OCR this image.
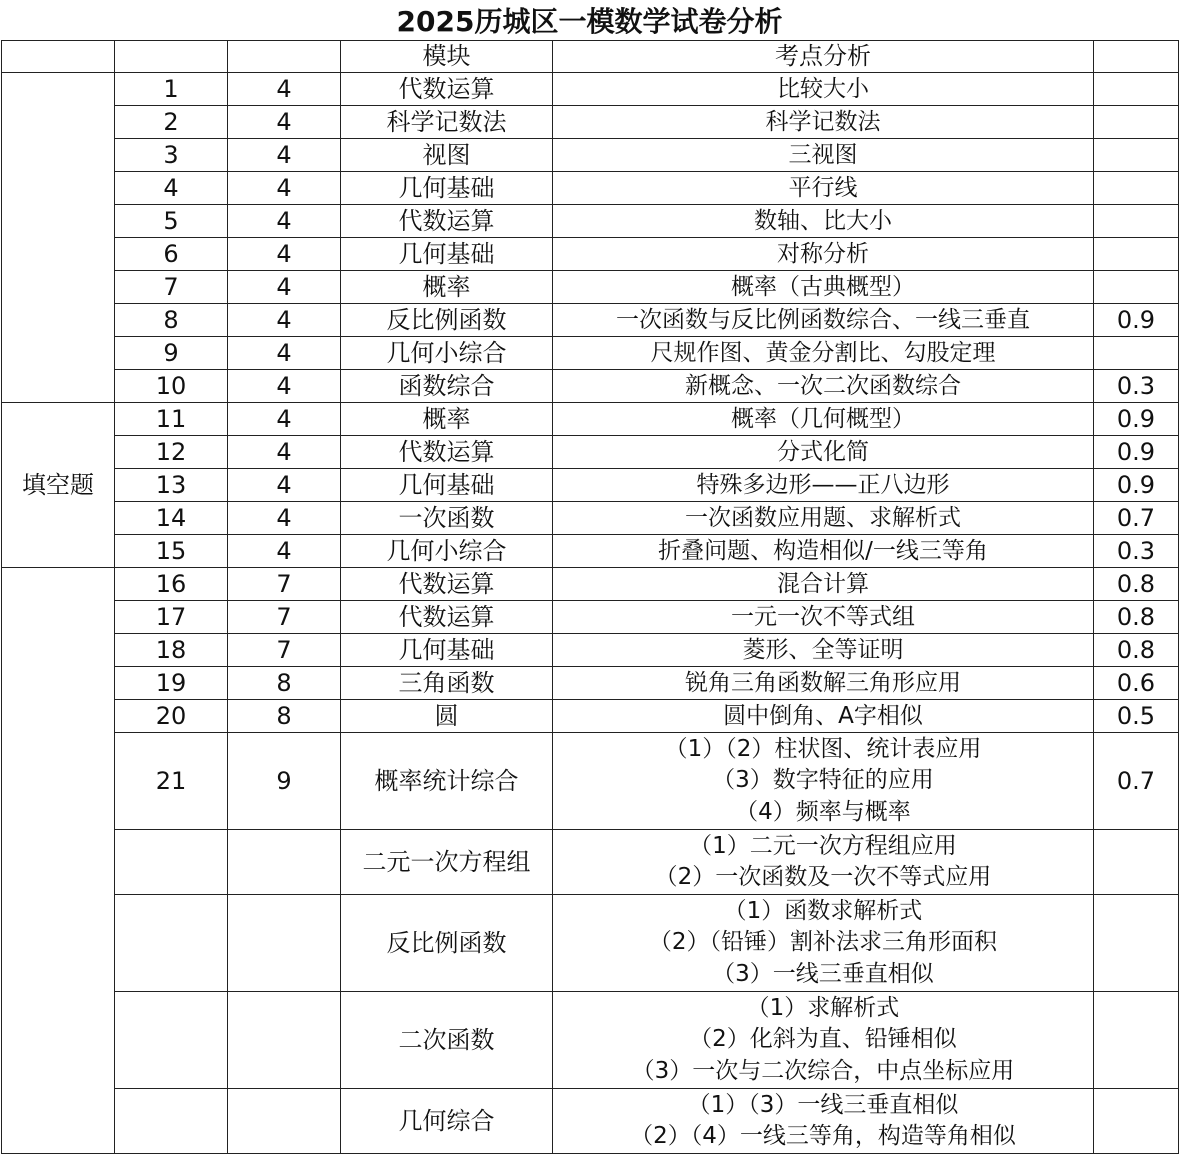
2025历城区一模数学试卷分析
			模块	考点分析	
	1	4	代数运算	比较大小	

	2	4	科学记数法	科学记数法	

	3	4	视图	三视图	

	4	4	几何基础	平行线	

	5	4	代数运算	数轴、比大小	

	6	4	几何基础	对称分析	

	7	4	概率	概率（古典概型）	

	8	4	反比例函数	一次函数与反比例函数综合、一线三垂直	0.9
	9	4	几何小综合	尺规作图、黄金分割比、勾股定理	

	10	4	函数综合	新概念、一次二次函数综合	0.3
填空题	11	4	概率	概率（几何概型）	0.9
	12	4	代数运算	分式化简	0.9
	13	4	几何基础	特殊多边形——正八边形	0.9
	14	4	一次函数	一次函数应用题、求解析式	0.7
	15	4	几何小综合	折叠问题、构造相似/一线三等角	0.3
	16	7	代数运算	混合计算	0.8
	17	7	代数运算	一元一次不等式组	0.8
	18	7	几何基础	菱形、全等证明	0.8
	19	8	三角函数	锐角三角函数解三角形应用	0.6
	20	8	圆	圆中倒角、A字相似	0.5
	21	9	概率统计综合	（1）（2）柱状图、统计表应用
（3）数字特征的应用
（4）频率与概率	0.7
			二元一次方程组	（1）二元一次方程组应用
（2）一次函数及一次不等式应用	

			反比例函数	（1）函数求解析式
（2）（铅锤）割补法求三角形面积
（3）一线三垂直相似	

			二次函数	（1）求解析式
（2）化斜为直、铅锤相似
（3）一次与二次综合，中点坐标应用	

			几何综合	（1）（3）一线三垂直相似
（2）（4）一线三等角，构造等角相似	
